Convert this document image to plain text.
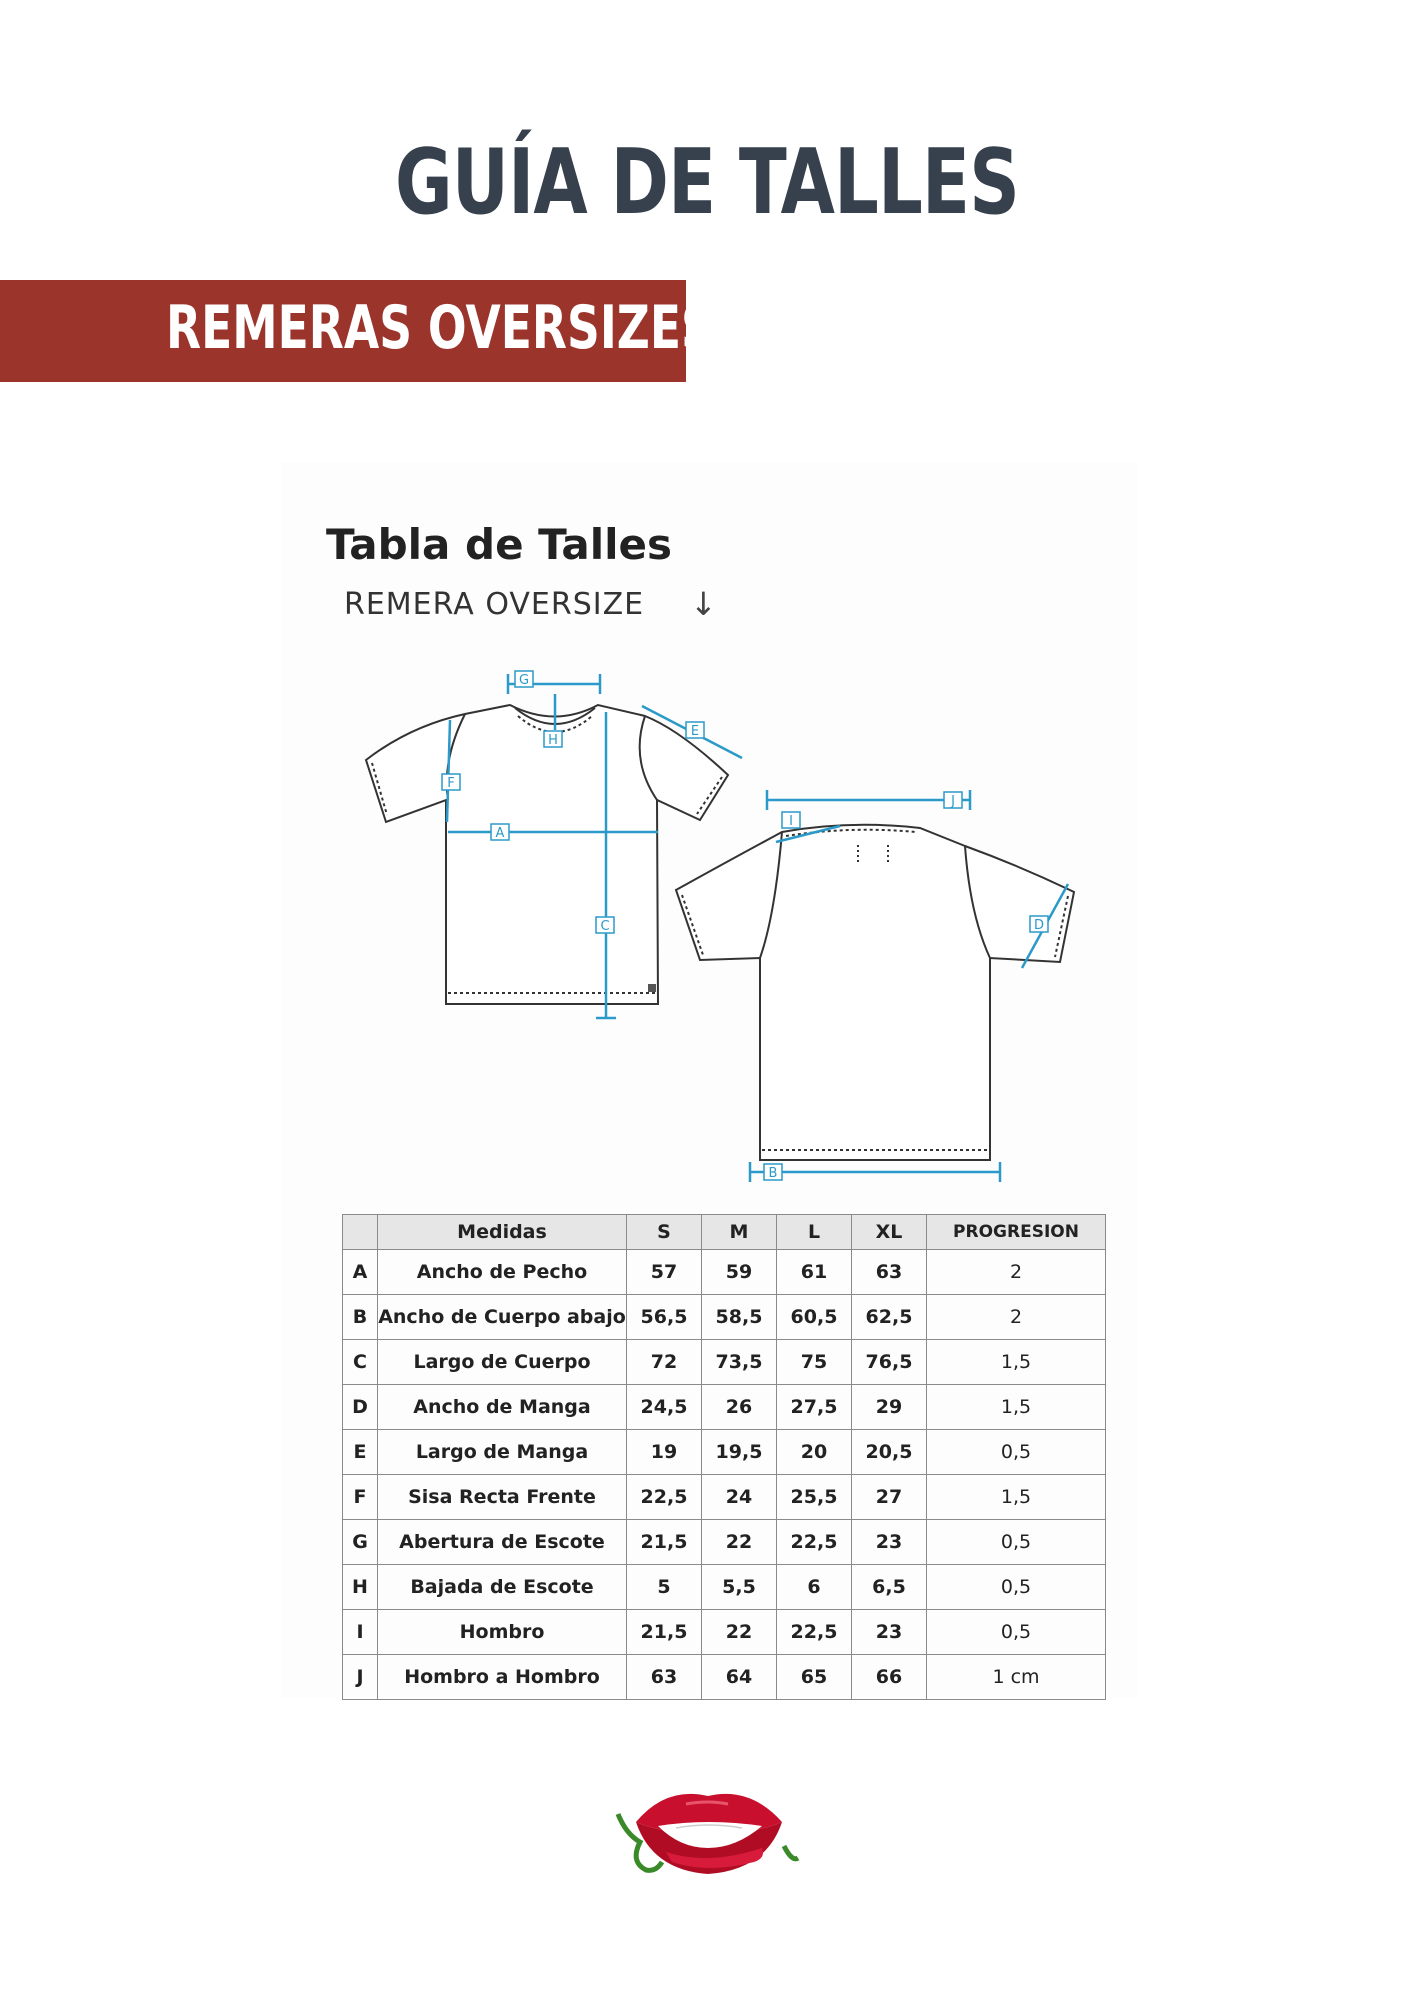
GUÍA DE TALLES
REMERAS OVERSIZES
Tabla de Talles
REMERA OVERSIZE ↓
G
H
C
A
F
E
J
I
D
B
	Medidas	S	M	L	XL	PROGRESION
A	Ancho de Pecho	57	59	61	63	2
B	Ancho de Cuerpo abajo	56,5	58,5	60,5	62,5	2
C	Largo de Cuerpo	72	73,5	75	76,5	1,5
D	Ancho de Manga	24,5	26	27,5	29	1,5
E	Largo de Manga	19	19,5	20	20,5	0,5
F	Sisa Recta Frente	22,5	24	25,5	27	1,5
G	Abertura de Escote	21,5	22	22,5	23	0,5
H	Bajada de Escote	5	5,5	6	6,5	0,5
I	Hombro	21,5	22	22,5	23	0,5
J	Hombro a Hombro	63	64	65	66	1 cm
